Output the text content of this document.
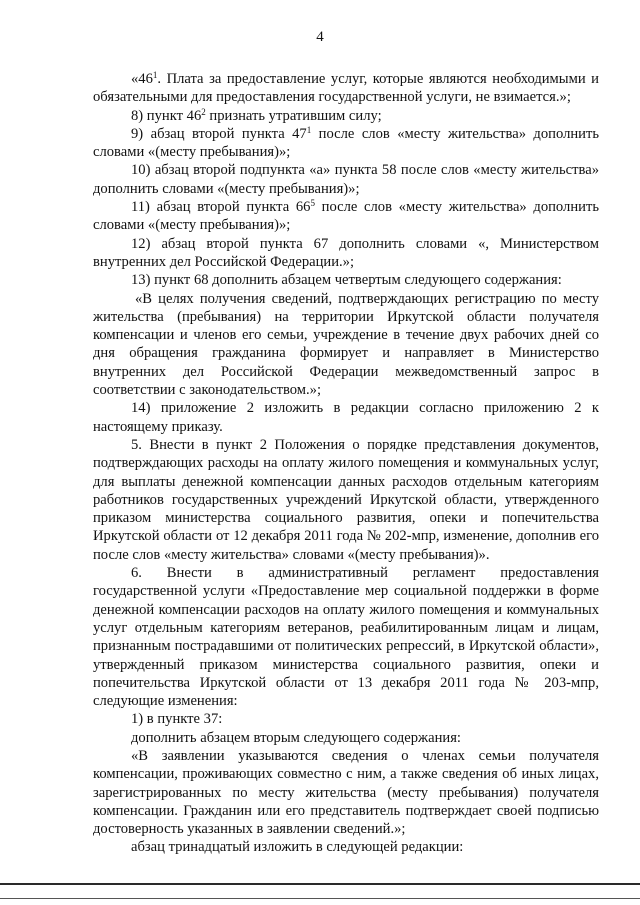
4

«$46^1$. Плата за предоставление услуг, которые являются необходимыми и обязательными для предоставления государственной услуги, не взимается.»;

8) пункт $46^2$ признать утратившим силу;

9) абзац второй пункта $47^1$ после слов «месту жительства» дополнить словами «(месту пребывания)»;

10) абзац второй подпункта «а» пункта 58 после слов «месту жительства» дополнить словами «(месту пребывания)»;

11) абзац второй пункта $66^5$ после слов «месту жительства» дополнить словами «(месту пребывания)»;

12) абзац второй пункта 67 дополнить словами «, Министерством внутренних дел Российской Федерации.»;

13) пункт 68 дополнить абзацем четвертым следующего содержания:

«В целях получения сведений, подтверждающих регистрацию по месту жительства (пребывания) на территории Иркутской области получателя компенсации и членов его семьи, учреждение в течение двух рабочих дней со дня обращения гражданина формирует и направляет в Министерство внутренних дел Российской Федерации межведомственный запрос в соответствии с законодательством.»;

14) приложение 2 изложить в редакции согласно приложению 2 к настоящему приказу.

5. Внести в пункт 2 Положения о порядке представления документов, подтверждающих расходы на оплату жилого помещения и коммунальных услуг, для выплаты денежной компенсации данных расходов отдельным категориям работников государственных учреждений Иркутской области, утвержденного приказом министерства социального развития, опеки и попечительства Иркутской области от 12 декабря 2011 года № 202-мпр, изменение, дополнив его после слов «месту жительства» словами «(месту пребывания)».

6. Внести в административный регламент предоставления государственной услуги «Предоставление мер социальной поддержки в форме денежной компенсации расходов на оплату жилого помещения и коммунальных услуг отдельным категориям ветеранов, реабилитированным лицам и лицам, признанным пострадавшими от политических репрессий, в Иркутской области», утвержденный приказом министерства социального развития, опеки и попечительства Иркутской области от 13 декабря 2011 года № 203-мпр, следующие изменения:

1) в пункте 37:

дополнить абзацем вторым следующего содержания:

«В заявлении указываются сведения о членах семьи получателя компенсации, проживающих совместно с ним, а также сведения об иных лицах, зарегистрированных по месту жительства (месту пребывания) получателя компенсации. Гражданин или его представитель подтверждает своей подписью достоверность указанных в заявлении сведений.»;

абзац тринадцатый изложить в следующей редакции:
